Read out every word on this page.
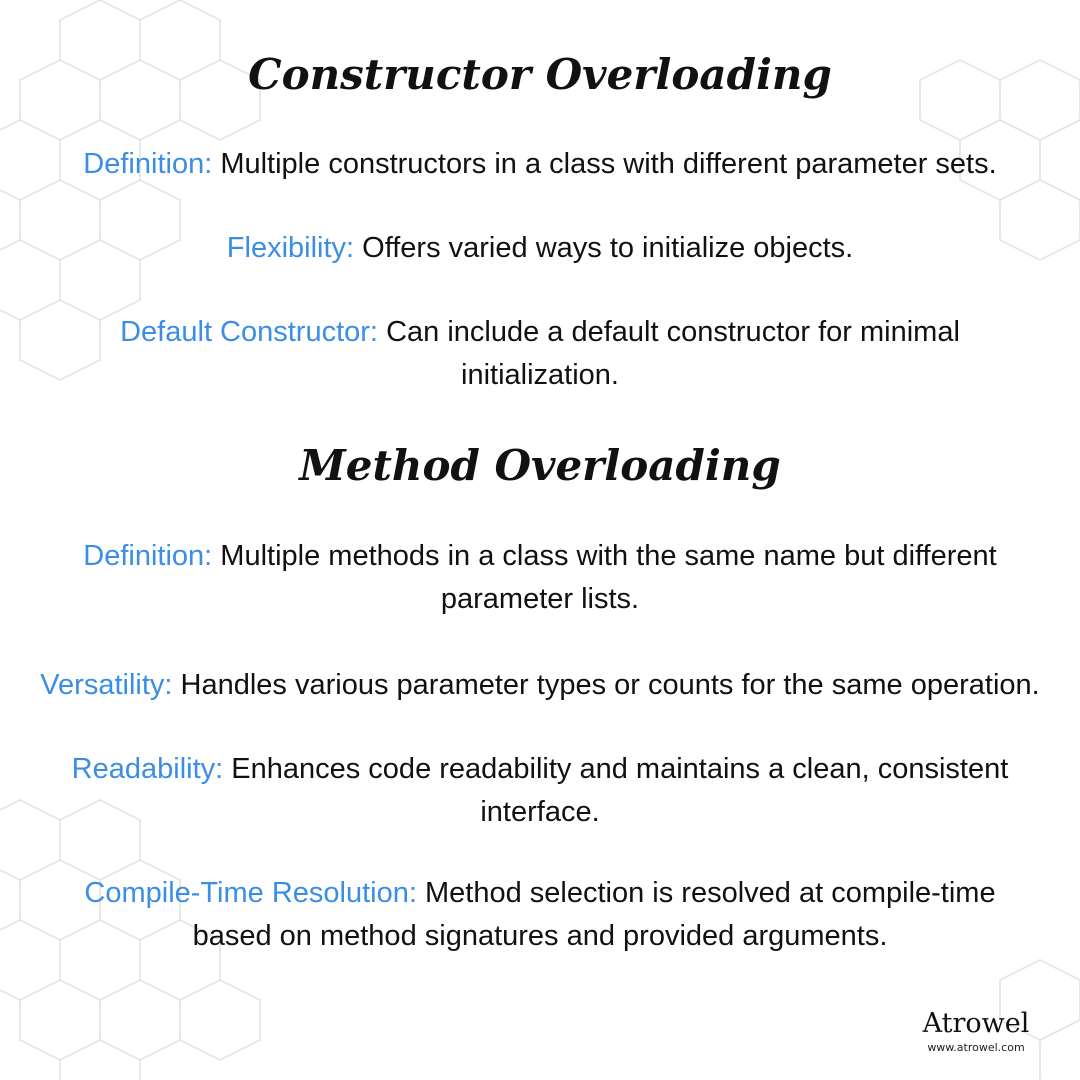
Constructor Overloading

Definition: Multiple constructors in a class with different parameter sets.

Flexibility: Offers varied ways to initialize objects.

Default Constructor: Can include a default constructor for minimal initialization.

Method Overloading

Definition: Multiple methods in a class with the same name but different parameter lists.

Versatility: Handles various parameter types or counts for the same operation.

Readability: Enhances code readability and maintains a clean, consistent interface.

Compile-Time Resolution: Method selection is resolved at compile-time based on method signatures and provided arguments.

Atrowel
www.atrowel.com
